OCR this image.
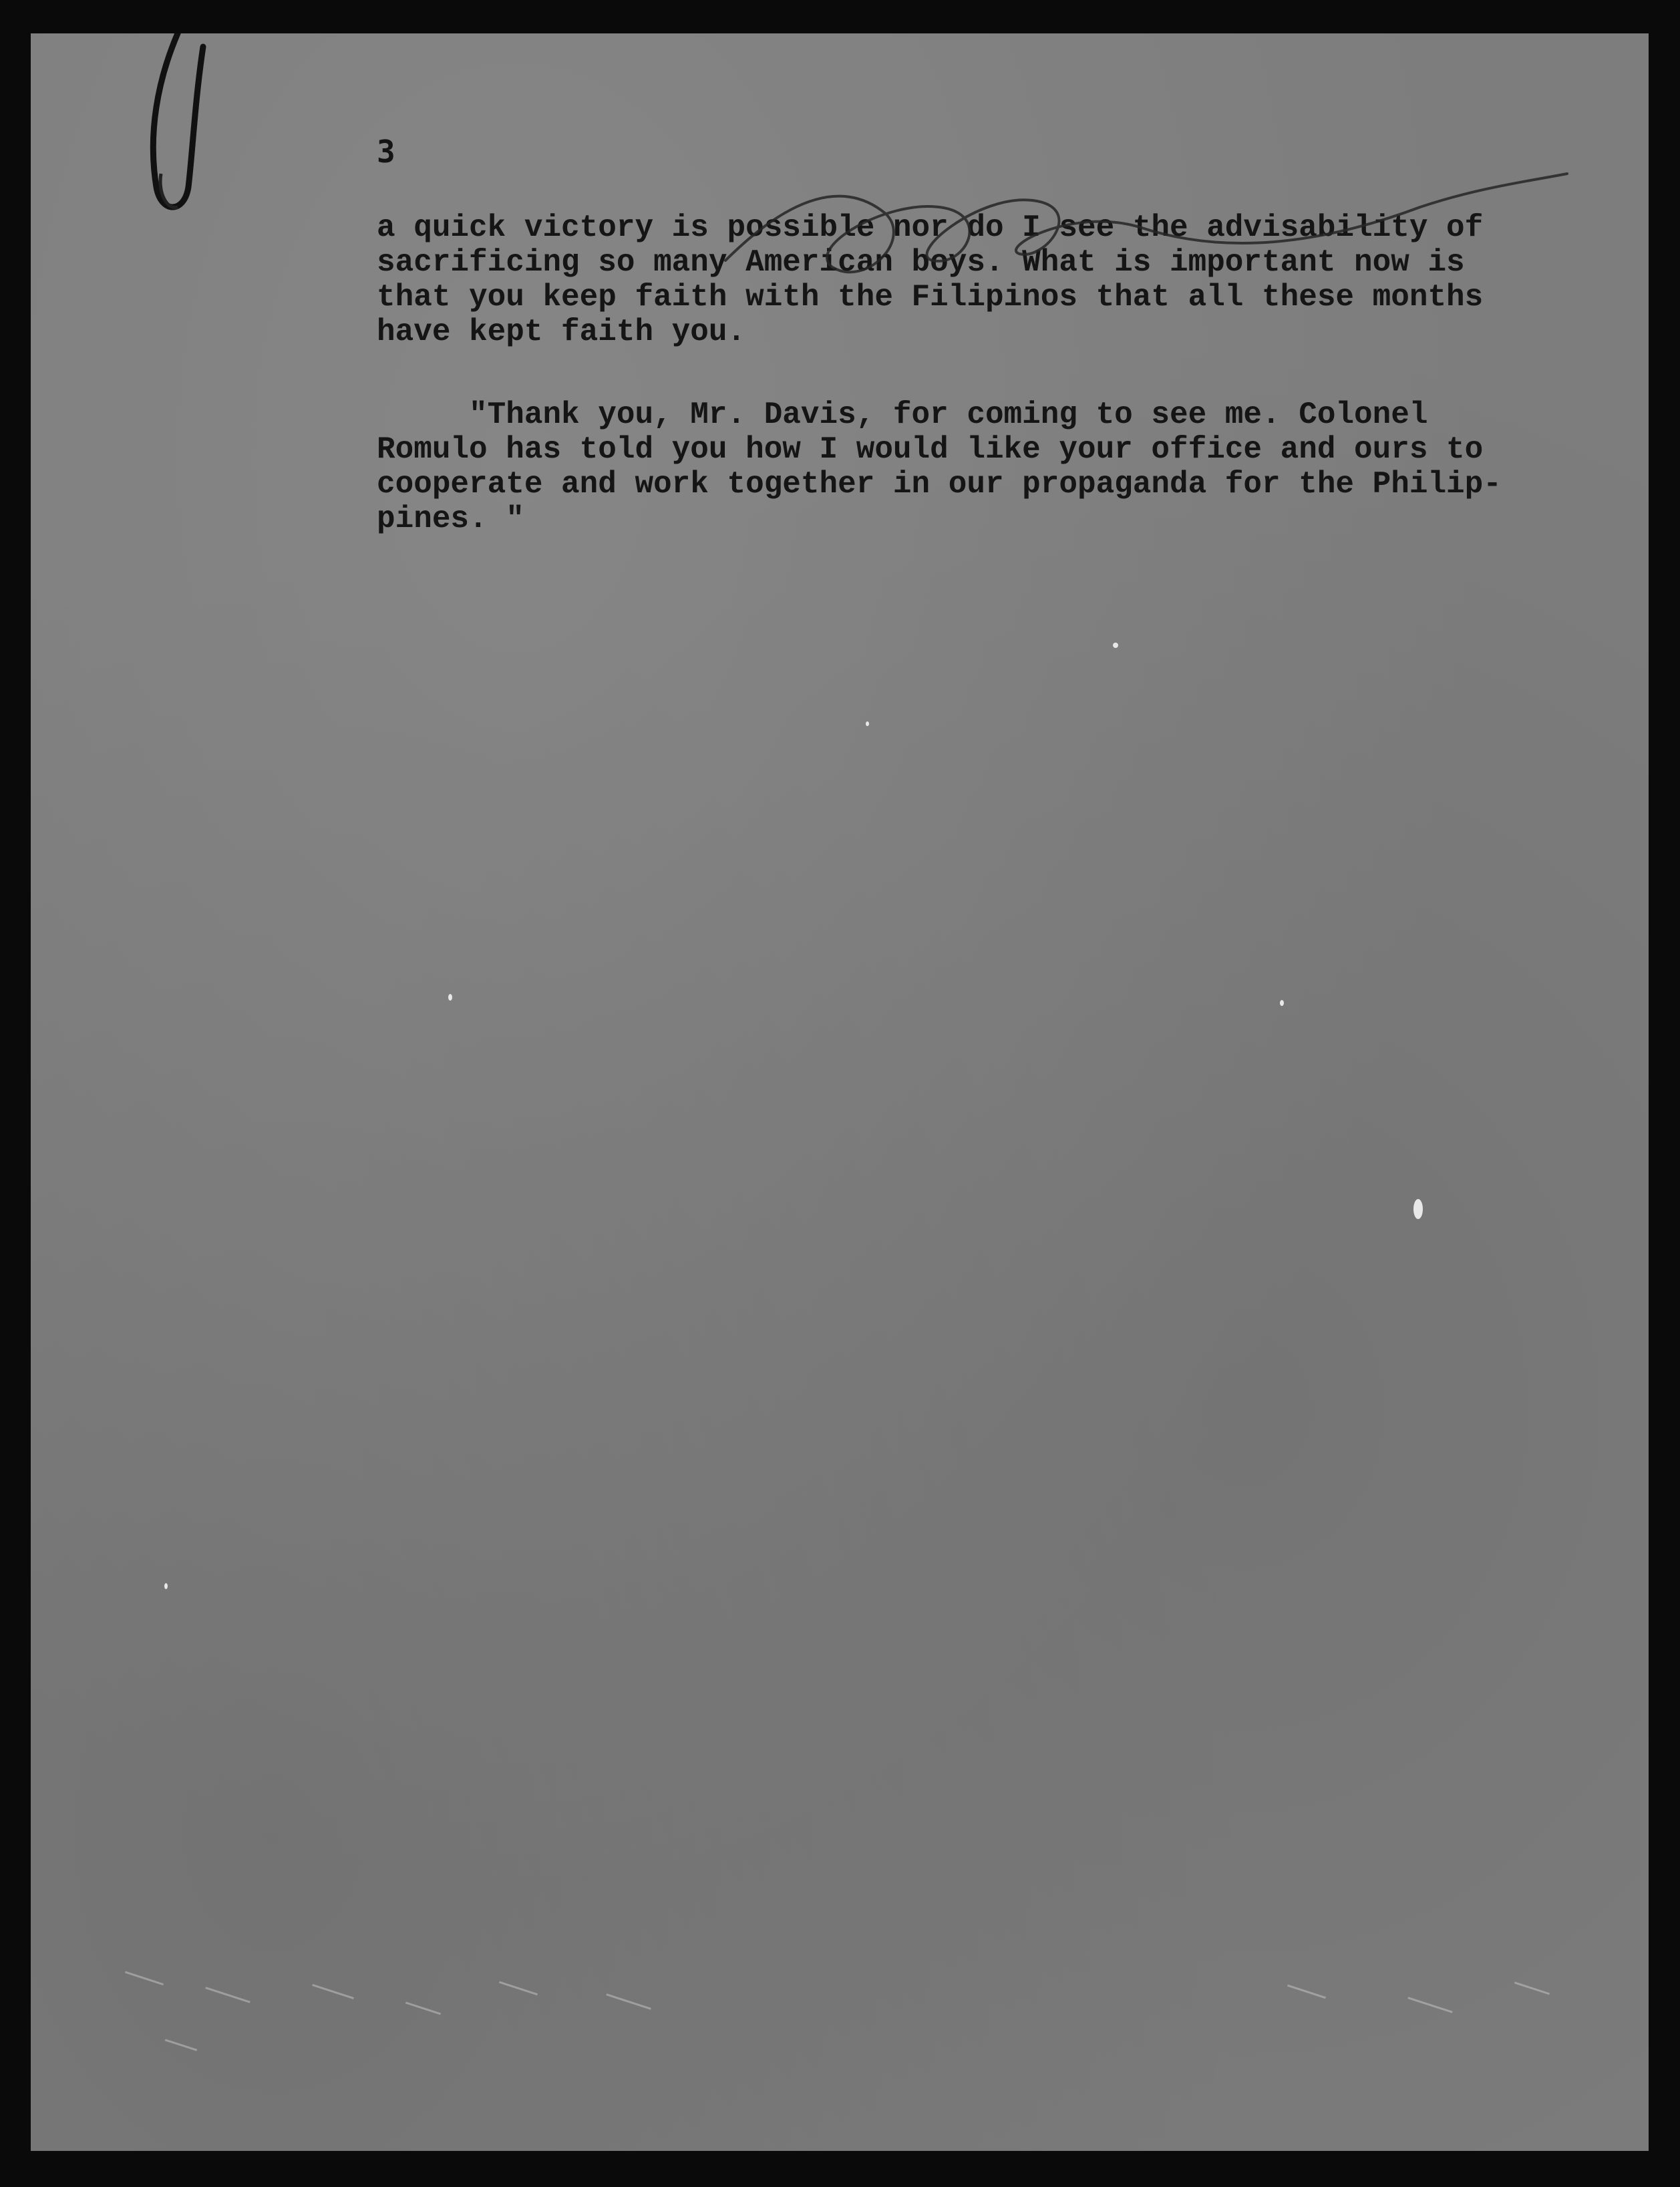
3

a quick victory is possible nor do I see the advisability of
sacrificing so many American boys. What is important now is
that you keep faith with the Filipinos that all these months
have kept faith you.

"Thank you, Mr. Davis, for coming to see me. Colonel
Romulo has told you how I would like your office and ours to
cooperate and work together in our propaganda for the Philip-
pines. "
